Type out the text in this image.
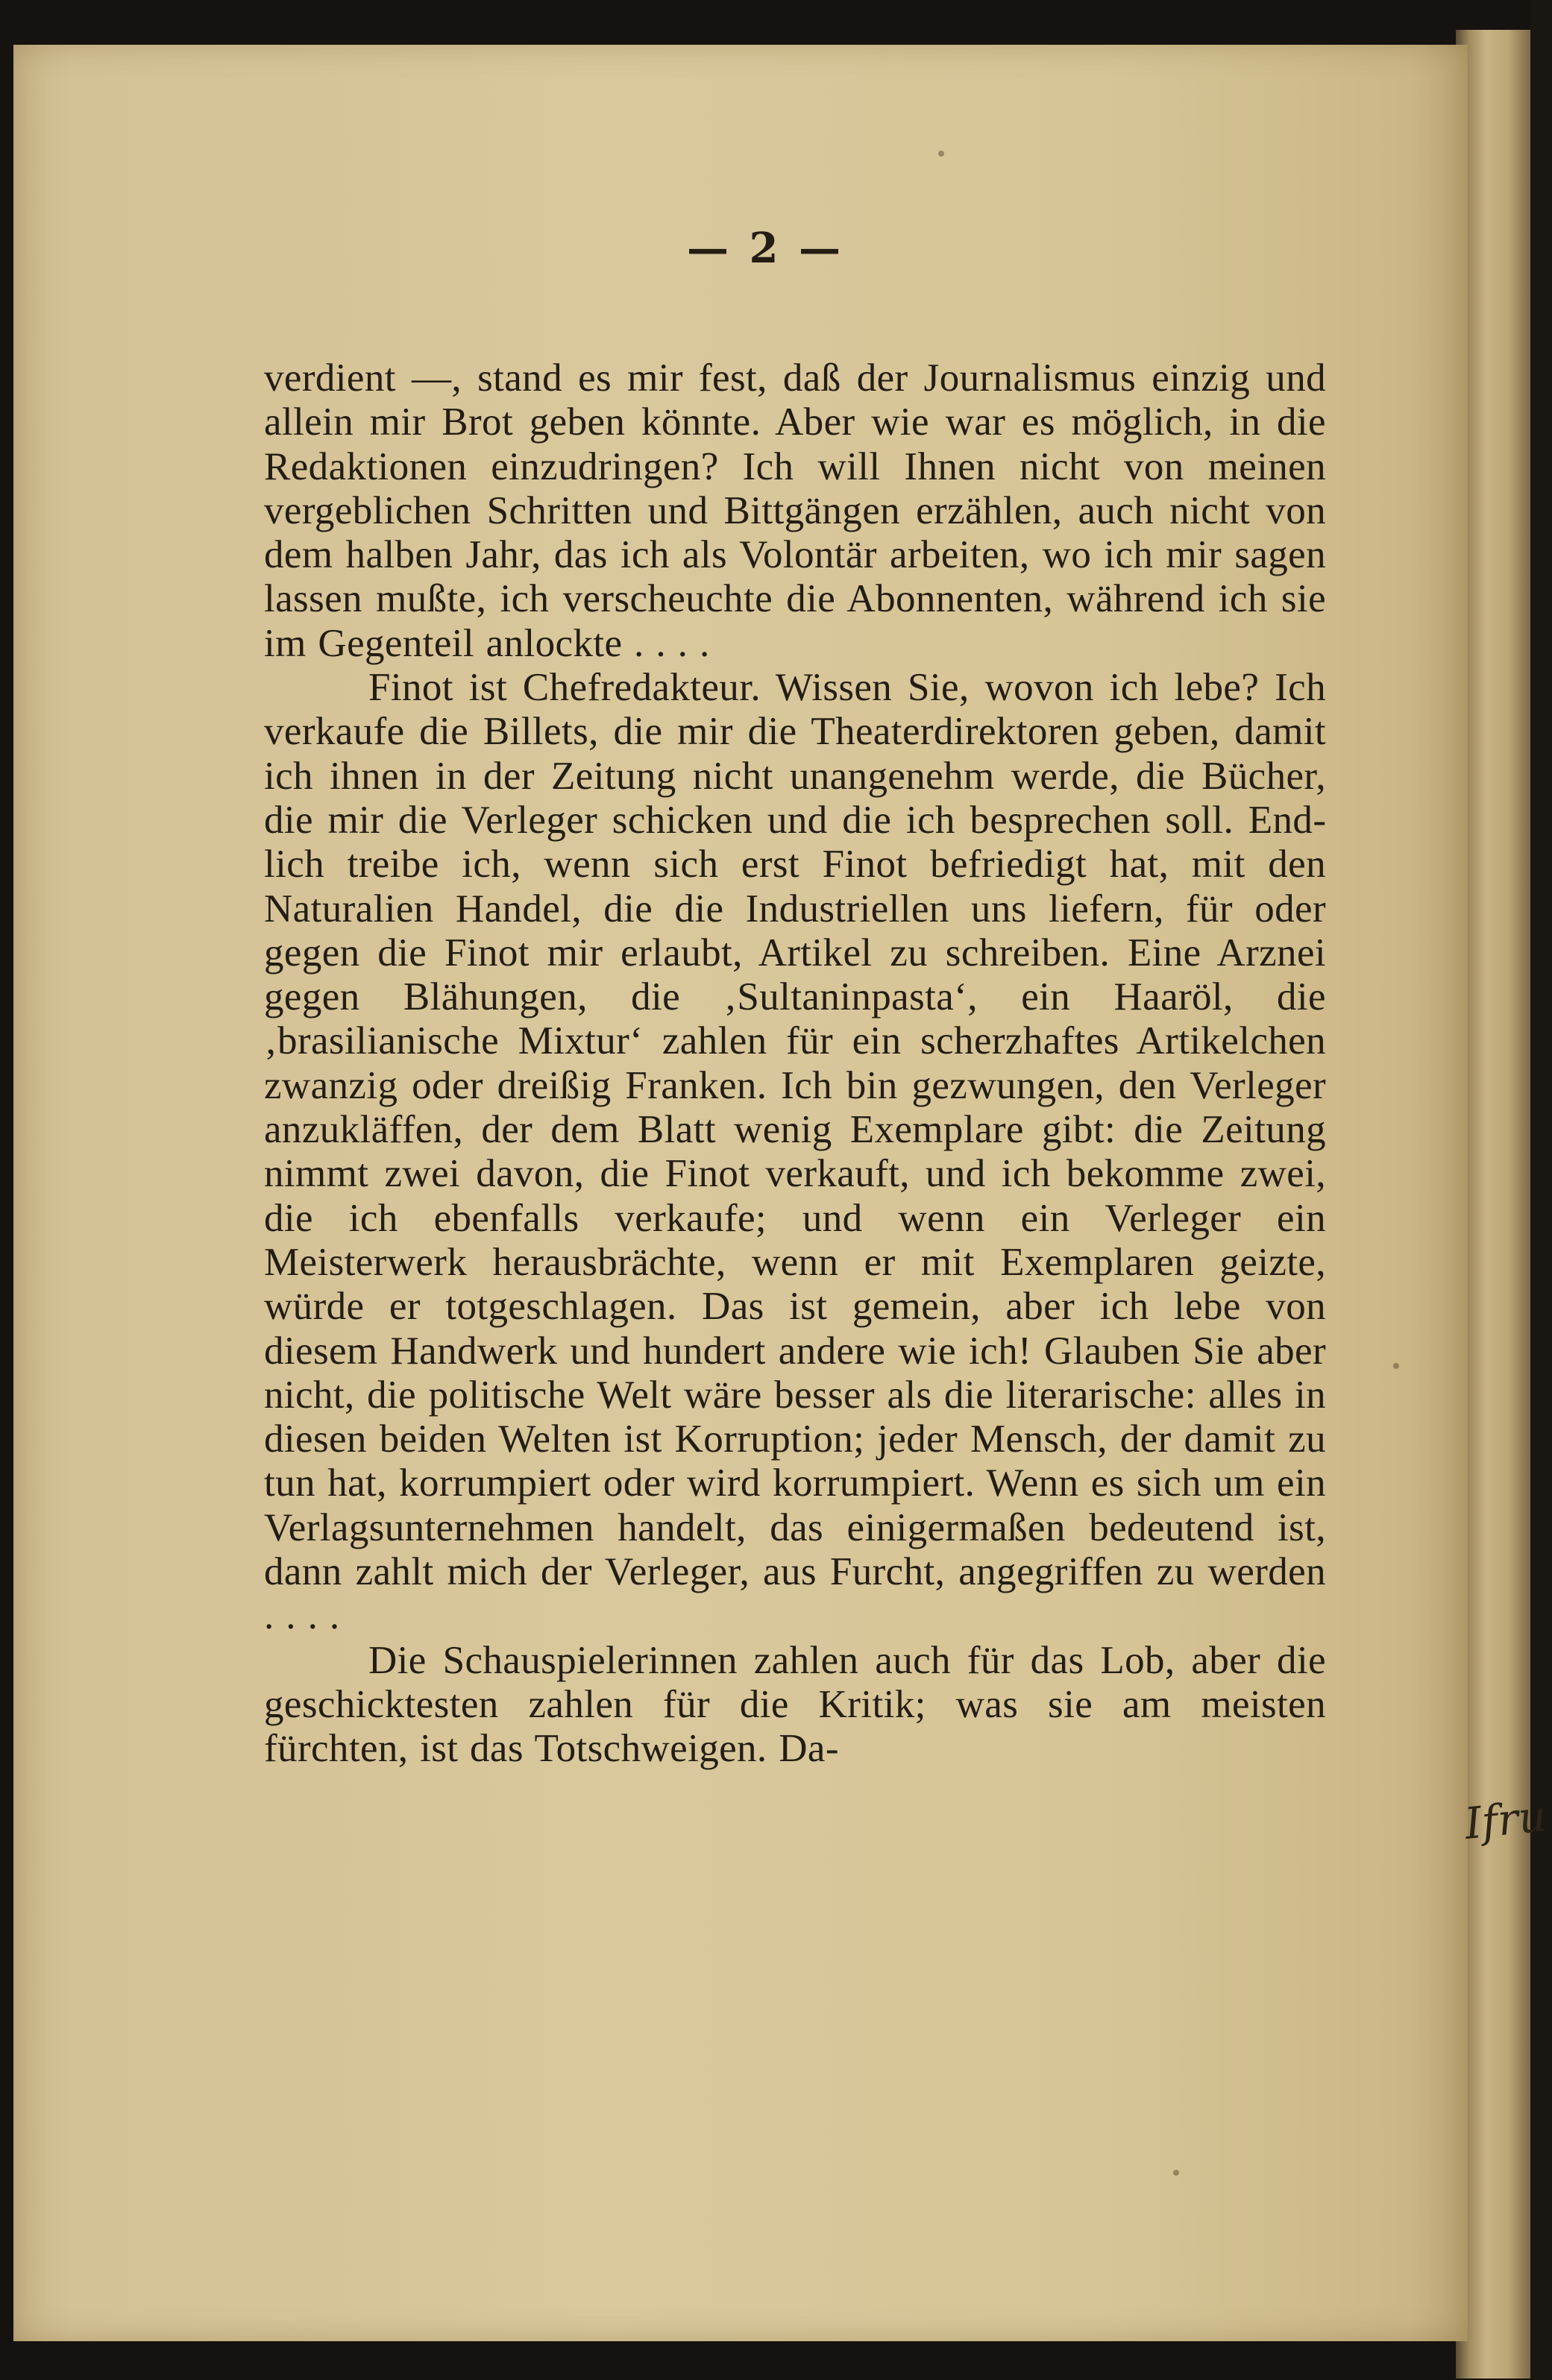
— 2 —

verdient —, stand es mir fest, daß der Journalismus einzig und allein mir Brot geben könnte. Aber wie war es möglich, in die Redaktionen einzudringen? Ich will Ihnen nicht von meinen vergeblichen Schritten und Bittgängen erzählen, auch nicht von dem halben Jahr, das ich als Volontär arbeiten, wo ich mir sagen lassen mußte, ich verscheuchte die Abonnenten, während ich sie im Gegenteil anlockte . . . .

Finot ist Chefredakteur. Wissen Sie, wovon ich lebe? Ich verkaufe die Billets, die mir die Theaterdirektoren geben, damit ich ihnen in der Zeitung nicht unangenehm werde, die Bücher, die mir die Verleger schicken und die ich besprechen soll. Endlich treibe ich, wenn sich erst Finot befriedigt hat, mit den Naturalien Handel, die die Industriellen uns liefern, für oder gegen die Finot mir erlaubt, Artikel zu schreiben. Eine Arznei gegen Blähungen, die ‚Sultaninpasta‘, ein Haaröl, die ‚brasilianische Mixtur‘ zahlen für ein scherzhaftes Artikelchen zwanzig oder dreißig Franken. Ich bin gezwungen, den Verleger anzukläffen, der dem Blatt wenig Exemplare gibt: die Zeitung nimmt zwei davon, die Finot verkauft, und ich bekomme zwei, die ich ebenfalls verkaufe; und wenn ein Verleger ein Meisterwerk herausbrächte, wenn er mit Exemplaren geizte, würde er totgeschlagen. Das ist gemein, aber ich lebe von diesem Handwerk und hundert andere wie ich! Glauben Sie aber nicht, die politische Welt wäre besser als die literarische: alles in diesen beiden Welten ist Korruption; jeder Mensch, der damit zu tun hat, korrumpiert oder wird korrumpiert. Wenn es sich um ein Verlagsunternehmen handelt, das einigermaßen bedeutend ist, dann zahlt mich der Verleger, aus Furcht, angegriffen zu werden . . . .

Die Schauspielerinnen zahlen auch für das Lob, aber die geschicktesten zahlen für die Kritik; was sie am meisten fürchten, ist das Totschweigen. Da-

Ifru
